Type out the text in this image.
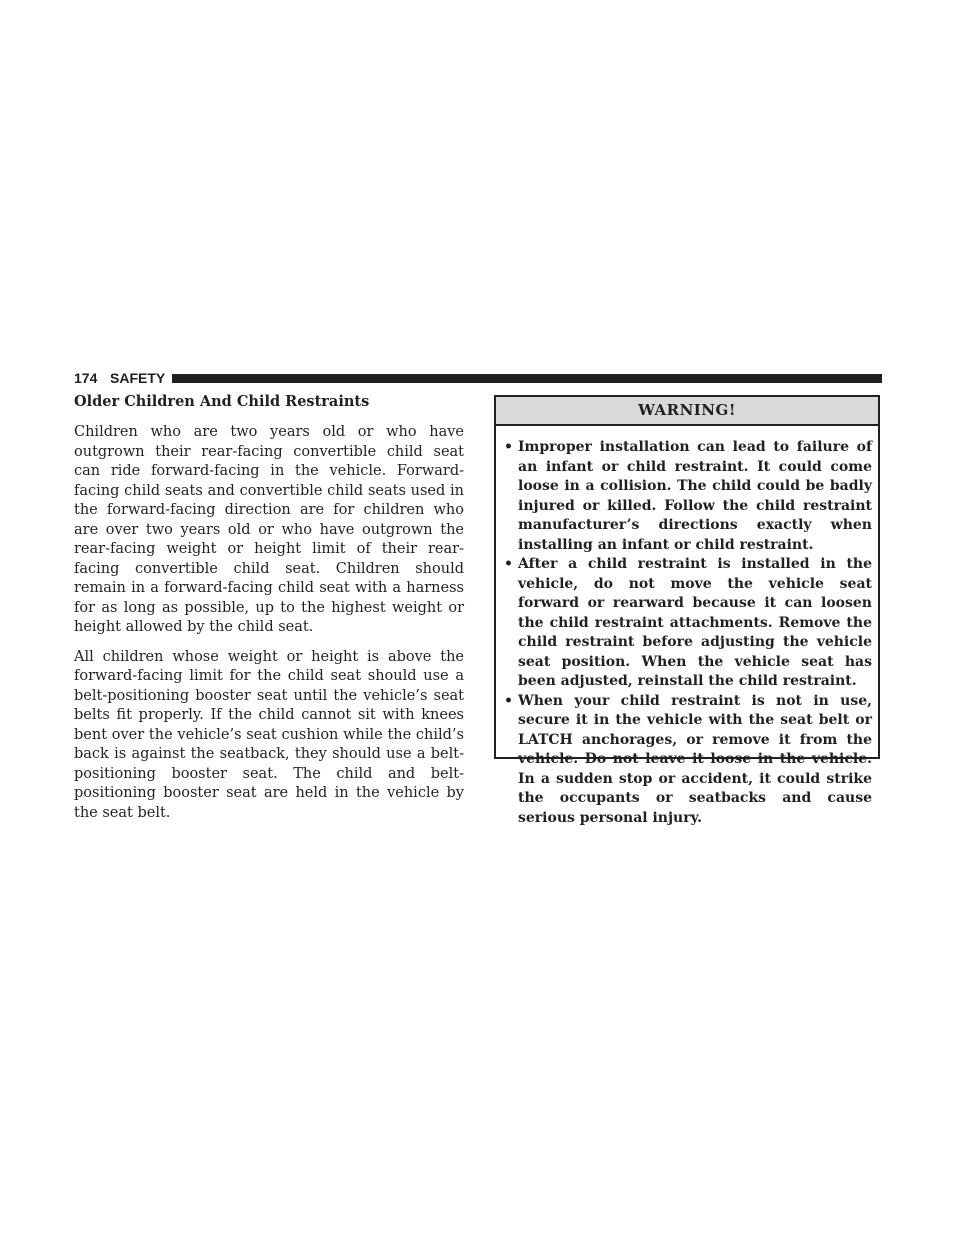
174 SAFETY
Older Children And Child Restraints

Children who are two years old or who have outgrown their rear-facing convertible child seat can ride forward-facing in the vehicle. Forward-facing child seats and convertible child seats used in the forward-facing direction are for children who are over two years old or who have outgrown the rear-facing weight or height limit of their rear-facing convertible child seat. Children should remain in a forward-facing child seat with a harness for as long as possible, up to the highest weight or height allowed by the child seat.

All children whose weight or height is above the forward-facing limit for the child seat should use a belt-positioning booster seat until the vehicle’s seat belts fit properly. If the child cannot sit with knees bent over the vehicle’s seat cushion while the child’s back is against the seatback, they should use a belt-positioning booster seat. The child and belt-positioning booster seat are held in the vehicle by the seat belt.

WARNING!
• Improper installation can lead to failure of an infant or child restraint. It could come loose in a collision. The child could be badly injured or killed. Follow the child restraint manufacturer’s directions exactly when installing an infant or child restraint.
• After a child restraint is installed in the vehicle, do not move the vehicle seat forward or rearward because it can loosen the child restraint attachments. Remove the child restraint before adjusting the vehicle seat position. When the vehicle seat has been adjusted, reinstall the child restraint.
• When your child restraint is not in use, secure it in the vehicle with the seat belt or LATCH anchorages, or remove it from the vehicle. Do not leave it loose in the vehicle. In a sudden stop or accident, it could strike the occupants or seatbacks and cause serious personal injury.
